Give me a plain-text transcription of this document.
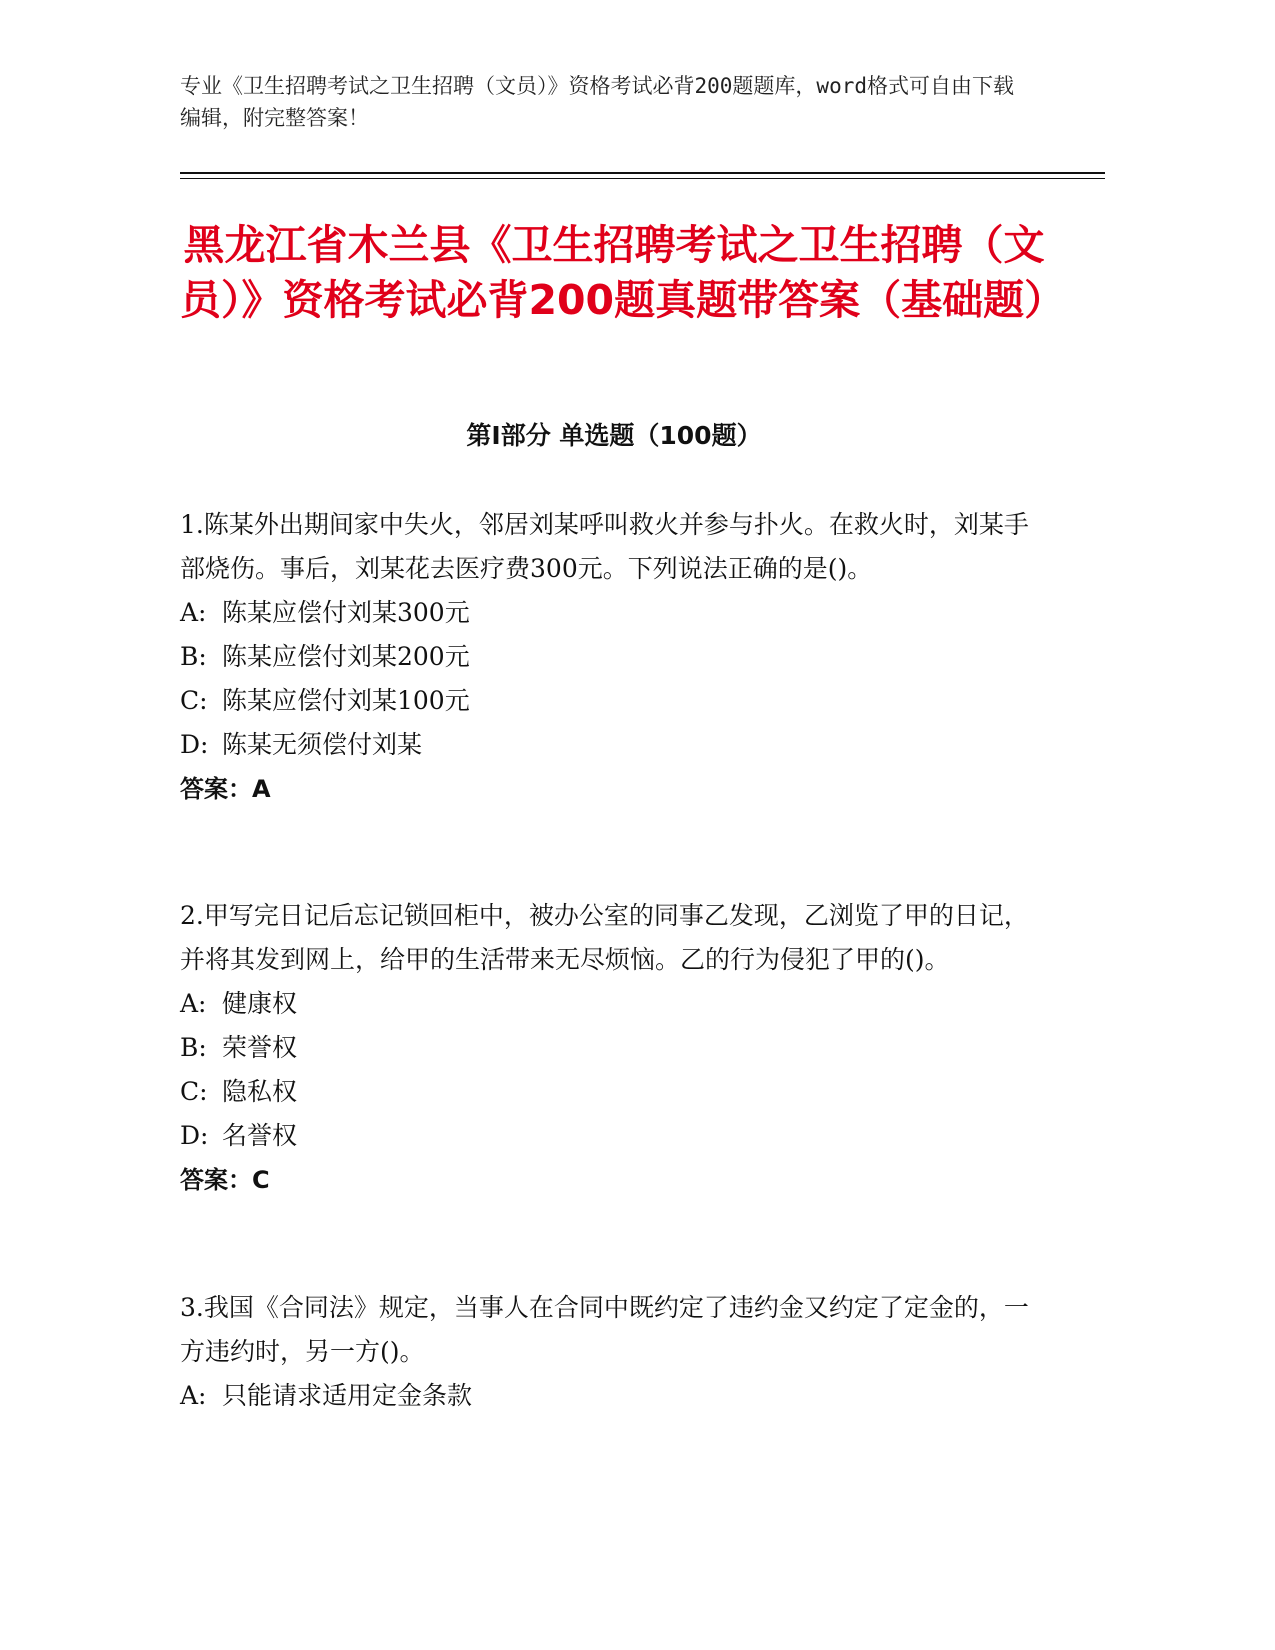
专业《卫生招聘考试之卫生招聘（文员）》资格考试必背200题题库，word格式可自由下载编辑，附完整答案！
黑龙江省木兰县《卫生招聘考试之卫生招聘（文员）》资格考试必背200题真题带答案（基础题）
第Ⅰ部分 单选题（100题）

1.陈某外出期间家中失火，邻居刘某呼叫救火并参与扑火。在救火时，刘某手部烧伤。事后，刘某花去医疗费300元。下列说法正确的是()。

A: 陈某应偿付刘某300元

B: 陈某应偿付刘某200元

C: 陈某应偿付刘某100元

D: 陈某无须偿付刘某

答案：A

2.甲写完日记后忘记锁回柜中，被办公室的同事乙发现，乙浏览了甲的日记，并将其发到网上，给甲的生活带来无尽烦恼。乙的行为侵犯了甲的()。

A: 健康权

B: 荣誉权

C: 隐私权

D: 名誉权

答案：C

3.我国《合同法》规定，当事人在合同中既约定了违约金又约定了定金的，一方违约时，另一方()。

A: 只能请求适用定金条款
